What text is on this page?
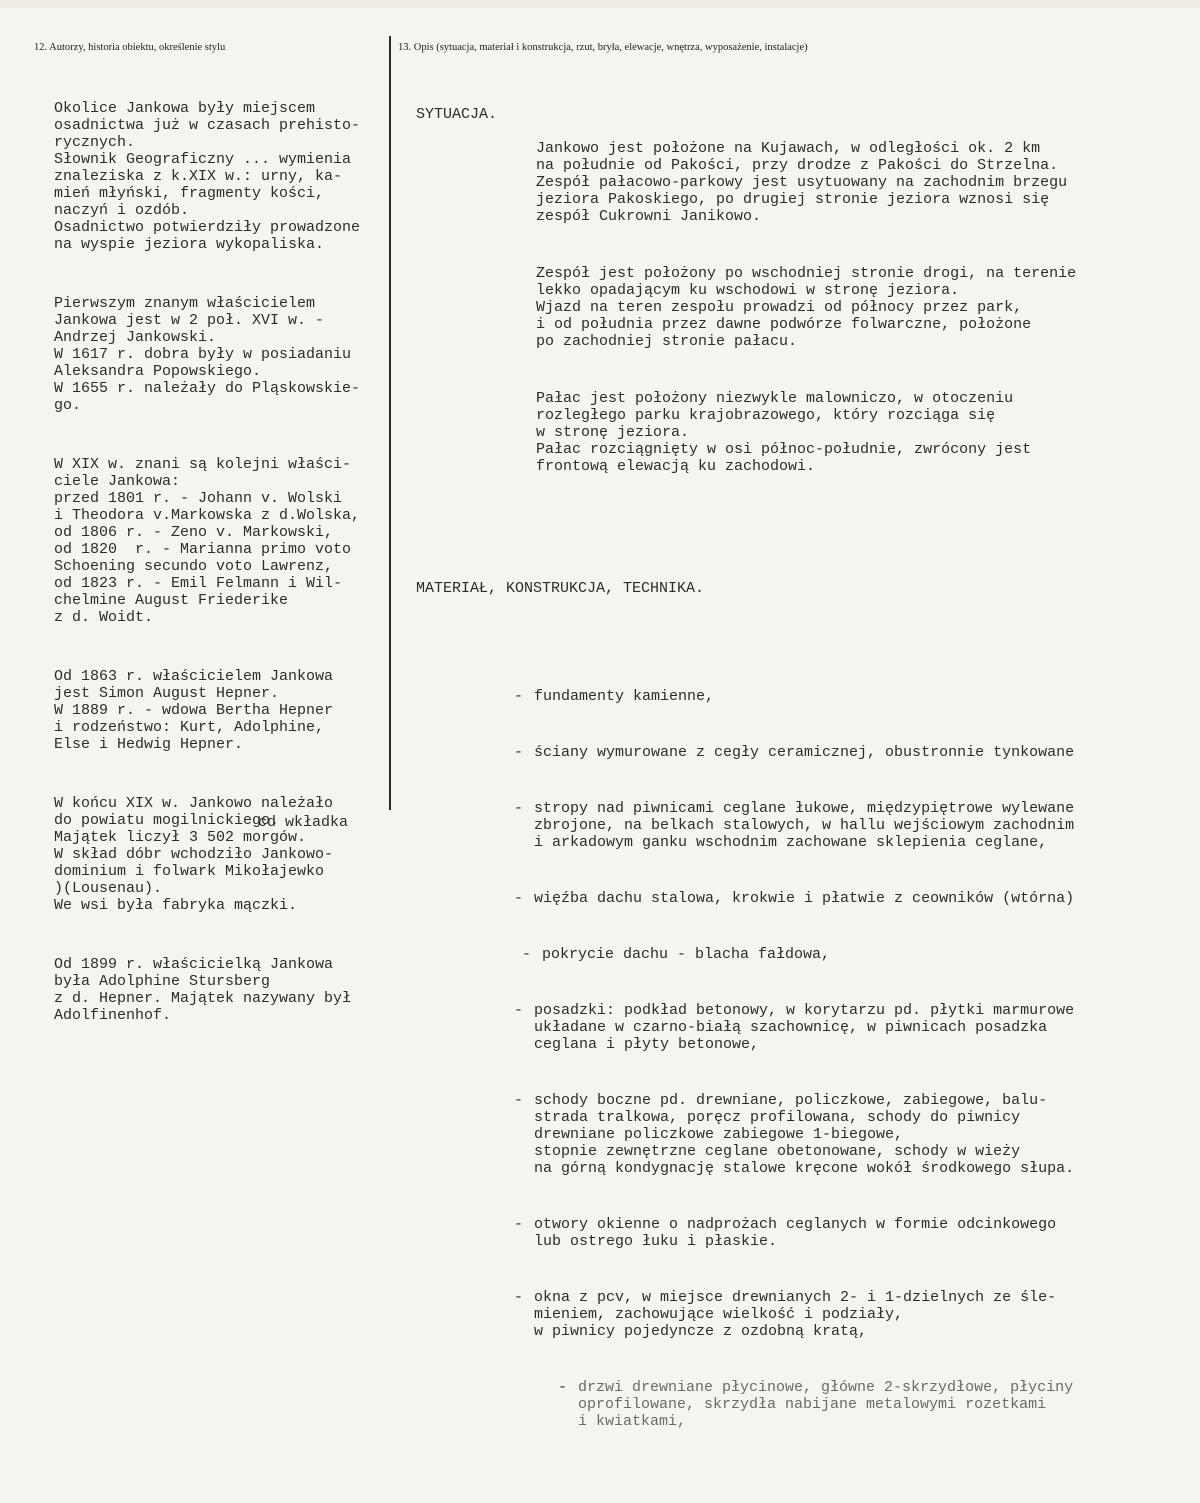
12. Autorzy, historia obiektu, określenie stylu	13. Opis (sytuacja, materiał i konstrukcja, rzut, bryła, elewacje, wnętrza, wyposażenie, instalacje)

Okolice Jankowa były miejscem
osadnictwa już w czasach prehisto-
rycznych.
Słownik Geograficzny ... wymienia
znaleziska z k.XIX w.: urny, ka-
mień młyński, fragmenty kości,
naczyń i ozdób.
Osadnictwo potwierdziły prowadzone
na wyspie jeziora wykopaliska.

Pierwszym znanym właścicielem
Jankowa jest w 2 poł. XVI w. -
Andrzej Jankowski.
W 1617 r. dobra były w posiadaniu
Aleksandra Popowskiego.
W 1655 r. należały do Pląskowskie-
go.

W XIX w. znani są kolejni właści-
ciele Jankowa:
przed 1801 r. - Johann v. Wolski
i Theodora v.Markowska z d.Wolska,
od 1806 r. - Zeno v. Markowski,
od 1820  r. - Marianna primo voto
Schoening secundo voto Lawrenz,
od 1823 r. - Emil Felmann i Wil-
chelmine August Friederike
z d. Woidt.

Od 1863 r. właścicielem Jankowa
jest Simon August Hepner.
W 1889 r. - wdowa Bertha Hepner
i rodzeństwo: Kurt, Adolphine,
Else i Hedwig Hepner.

W końcu XIX w. Jankowo należało
do powiatu mogilnickiego.
Majątek liczył 3 502 morgów.
W skład dóbr wchodziło Jankowo-
dominium i folwark Mikołajewko
)(Lousenau).
We wsi była fabryka mączki.

Od 1899 r. właścicielką Jankowa
była Adolphine Stursberg
z d. Hepner. Majątek nazywany był
Adolfinenhof.

cd wkładka

SYTUACJA.

Jankowo jest położone na Kujawach, w odległości ok. 2 km
na południe od Pakości, przy drodze z Pakości do Strzelna.
Zespół pałacowo-parkowy jest usytuowany na zachodnim brzegu
jeziora Pakoskiego, po drugiej stronie jeziora wznosi się
zespół Cukrowni Janikowo.

Zespół jest położony po wschodniej stronie drogi, na terenie
lekko opadającym ku wschodowi w stronę jeziora.
Wjazd na teren zespołu prowadzi od północy przez park,
i od południa przez dawne podwórze folwarczne, położone
po zachodniej stronie pałacu.

Pałac jest położony niezwykle malowniczo, w otoczeniu
rozległego parku krajobrazowego, który rozciąga się
w stronę jeziora.
Pałac rozciągnięty w osi północ-południe, zwrócony jest
frontową elewacją ku zachodowi.

MATERIAŁ, KONSTRUKCJA, TECHNIKA.

- fundamenty kamienne,

- ściany wymurowane z cegły ceramicznej, obustronnie tynkowane

- stropy nad piwnicami ceglane łukowe, międzypiętrowe wylewane
zbrojone, na belkach stalowych, w hallu wejściowym zachodnim
i arkadowym ganku wschodnim zachowane sklepienia ceglane,

- więźba dachu stalowa, krokwie i płatwie z ceowników (wtórna)

- pokrycie dachu - blacha fałdowa,

- posadzki: podkład betonowy, w korytarzu pd. płytki marmurowe
układane w czarno-białą szachownicę, w piwnicach posadzka
ceglana i płyty betonowe,

- schody boczne pd. drewniane, policzkowe, zabiegowe, balu-
strada tralkowa, poręcz profilowana, schody do piwnicy
drewniane policzkowe zabiegowe 1-biegowe,
stopnie zewnętrzne ceglane obetonowane, schody w wieży
na górną kondygnację stalowe kręcone wokół środkowego słupa.

- otwory okienne o nadprożach ceglanych w formie odcinkowego
lub ostrego łuku i płaskie.

- okna z pcv, w miejsce drewnianych 2- i 1-dzielnych ze śle-
mieniem, zachowujące wielkość i podziały,
w piwnicy pojedyncze z ozdobną kratą,

- drzwi drewniane płycinowe, główne 2-skrzydłowe, płyciny
oprofilowane, skrzydła nabijane metalowymi rozetkami
i kwiatkami,
